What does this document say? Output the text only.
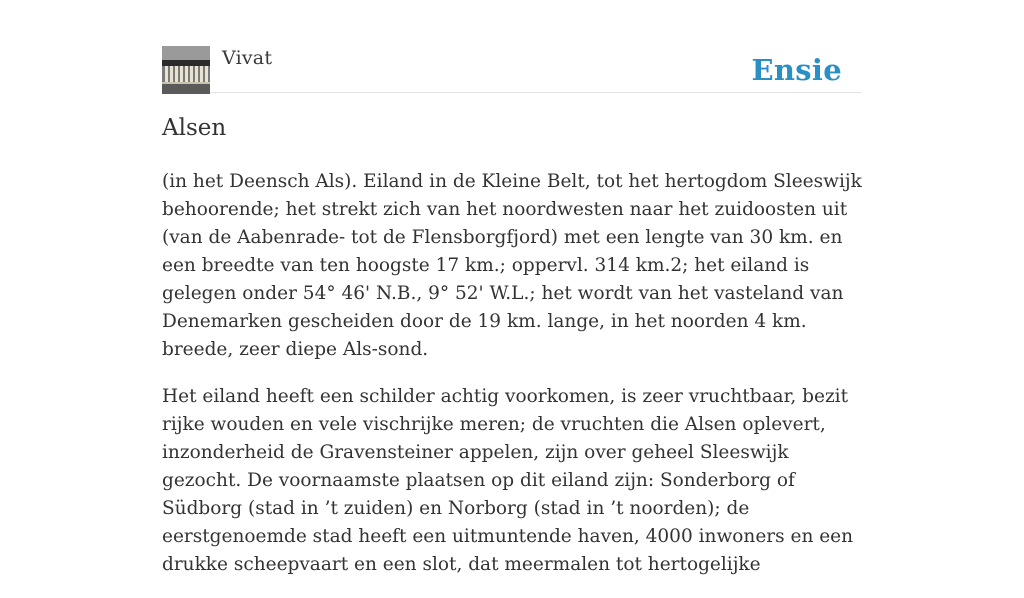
Vivat	Ensie
Alsen

(in het Deensch Als). Eiland in de Kleine Belt, tot het hertogdom Sleeswijk behoorende; het strekt zich van het noordwesten naar het zuidoosten uit (van de Aabenrade- tot de Flensborgfjord) met een lengte van 30 km. en een breedte van ten hoogste 17 km.; oppervl. 314 km.2; het eiland is gelegen onder 54° 46' N.B., 9° 52' W.L.; het wordt van het vasteland van Denemarken gescheiden door de 19 km. lange, in het noorden 4 km. breede, zeer diepe Als-sond.

Het eiland heeft een schilder achtig voorkomen, is zeer vruchtbaar, bezit rijke wouden en vele vischrijke meren; de vruchten die Alsen oplevert, inzonderheid de Gravensteiner appelen, zijn over geheel Sleeswijk gezocht. De voornaamste plaatsen op dit eiland zijn: Sonderborg of Südborg (stad in ’t zuiden) en Norborg (stad in ’t noorden); de eerstgenoemde stad heeft een uitmuntende haven, 4000 inwoners en een drukke scheepvaart en een slot, dat meermalen tot hertogelijke
